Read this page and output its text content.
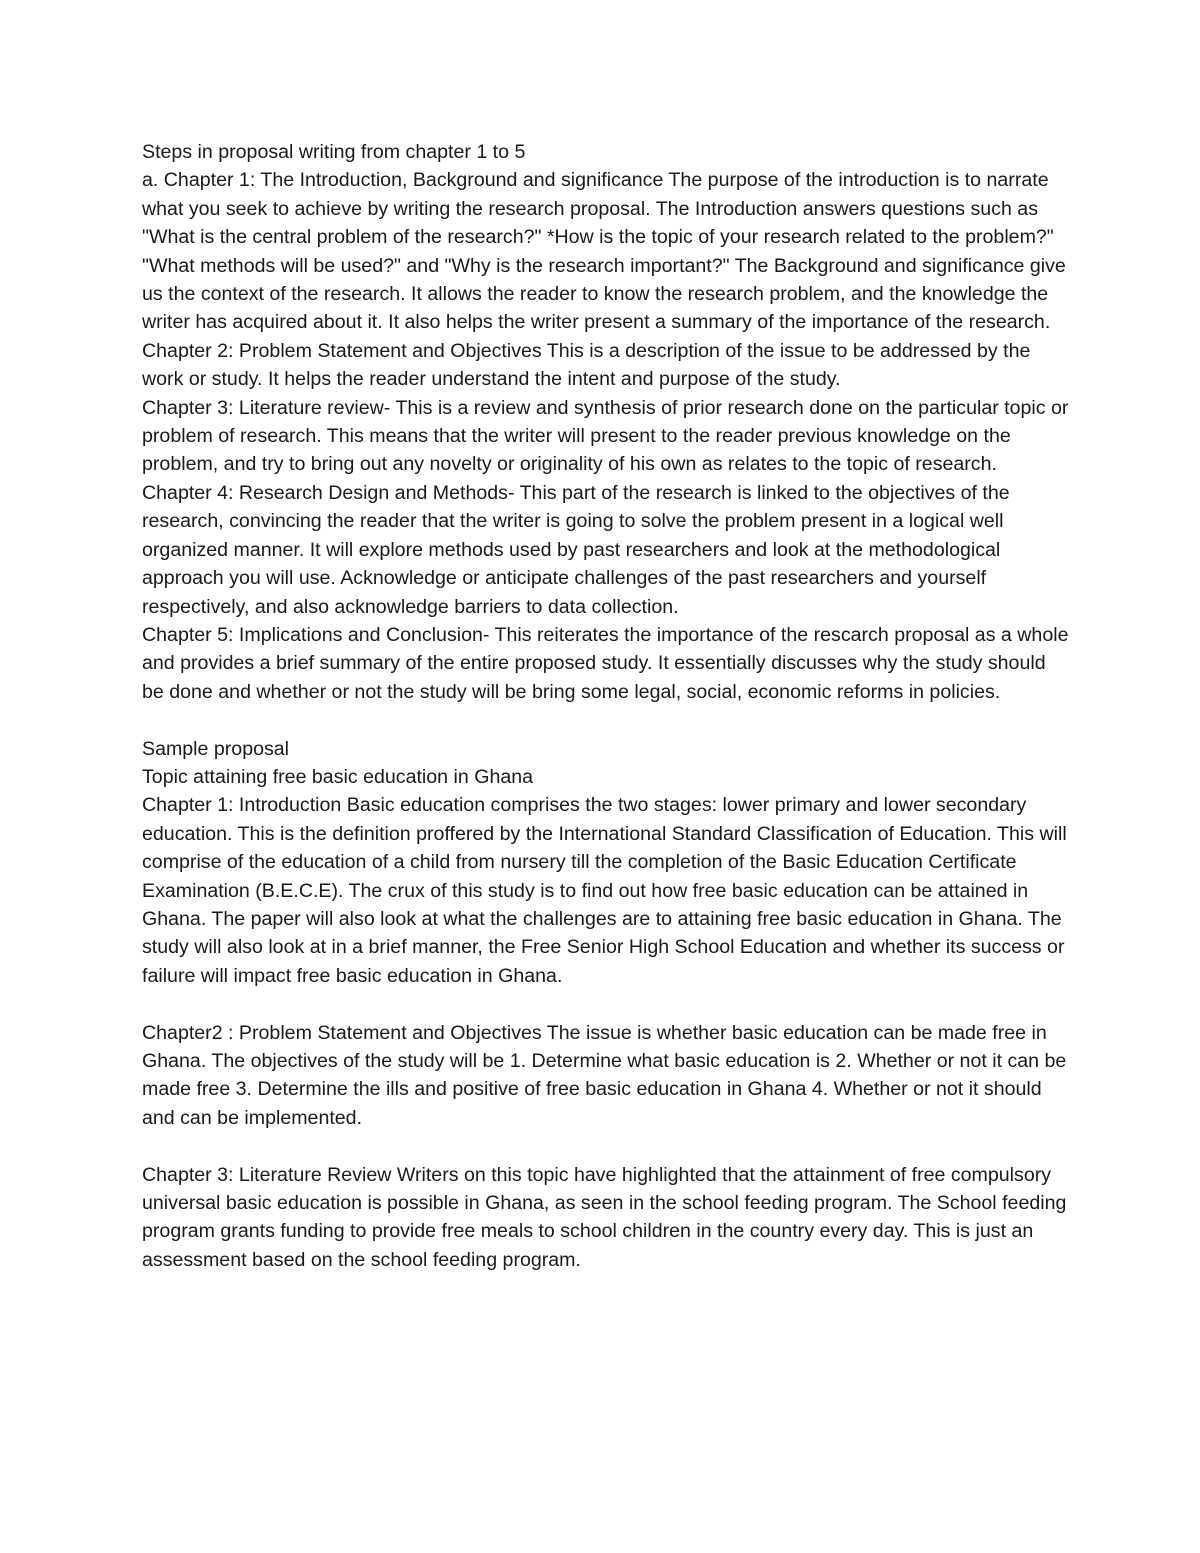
Steps in proposal writing from chapter 1 to 5

a. Chapter 1: The Introduction, Background and significance The purpose of the introduction is to narrate what you seek to achieve by writing the research proposal. The Introduction answers questions such as "What is the central problem of the research?" *How is the topic of your research related to the problem?" "What methods will be used?" and "Why is the research important?" The Background and significance give us the context of the research. It allows the reader to know the research problem, and the knowledge the writer has acquired about it. It also helps the writer present a summary of the importance of the research.

Chapter 2: Problem Statement and Objectives This is a description of the issue to be addressed by the work or study. It helps the reader understand the intent and purpose of the study.

Chapter 3: Literature review- This is a review and synthesis of prior research done on the particular topic or problem of research. This means that the writer will present to the reader previous knowledge on the problem, and try to bring out any novelty or originality of his own as relates to the topic of research.

Chapter 4: Research Design and Methods- This part of the research is linked to the objectives of the research, convincing the reader that the writer is going to solve the problem present in a logical well organized manner. It will explore methods used by past researchers and look at the methodological approach you will use. Acknowledge or anticipate challenges of the past researchers and yourself respectively, and also acknowledge barriers to data collection.

Chapter 5: Implications and Conclusion- This reiterates the importance of the rescarch proposal as a whole and provides a brief summary of the entire proposed study. It essentially discusses why the study should be done and whether or not the study will be bring some legal, social, economic reforms in policies.

Sample proposal

Topic attaining free basic education in Ghana

Chapter 1: Introduction Basic education comprises the two stages: lower primary and lower secondary education. This is the definition proffered by the International Standard Classification of Education. This will comprise of the education of a child from nursery till the completion of the Basic Education Certificate Examination (B.E.C.E). The crux of this study is to find out how free basic education can be attained in Ghana. The paper will also look at what the challenges are to attaining free basic education in Ghana. The study will also look at in a brief manner, the Free Senior High School Education and whether its success or failure will impact free basic education in Ghana.

Chapter2 : Problem Statement and Objectives The issue is whether basic education can be made free in Ghana. The objectives of the study will be 1. Determine what basic education is 2. Whether or not it can be made free 3. Determine the ills and positive of free basic education in Ghana 4. Whether or not it should and can be implemented.

Chapter 3: Literature Review Writers on this topic have highlighted that the attainment of free compulsory universal basic education is possible in Ghana, as seen in the school feeding program. The School feeding program grants funding to provide free meals to school children in the country every day. This is just an assessment based on the school feeding program.
